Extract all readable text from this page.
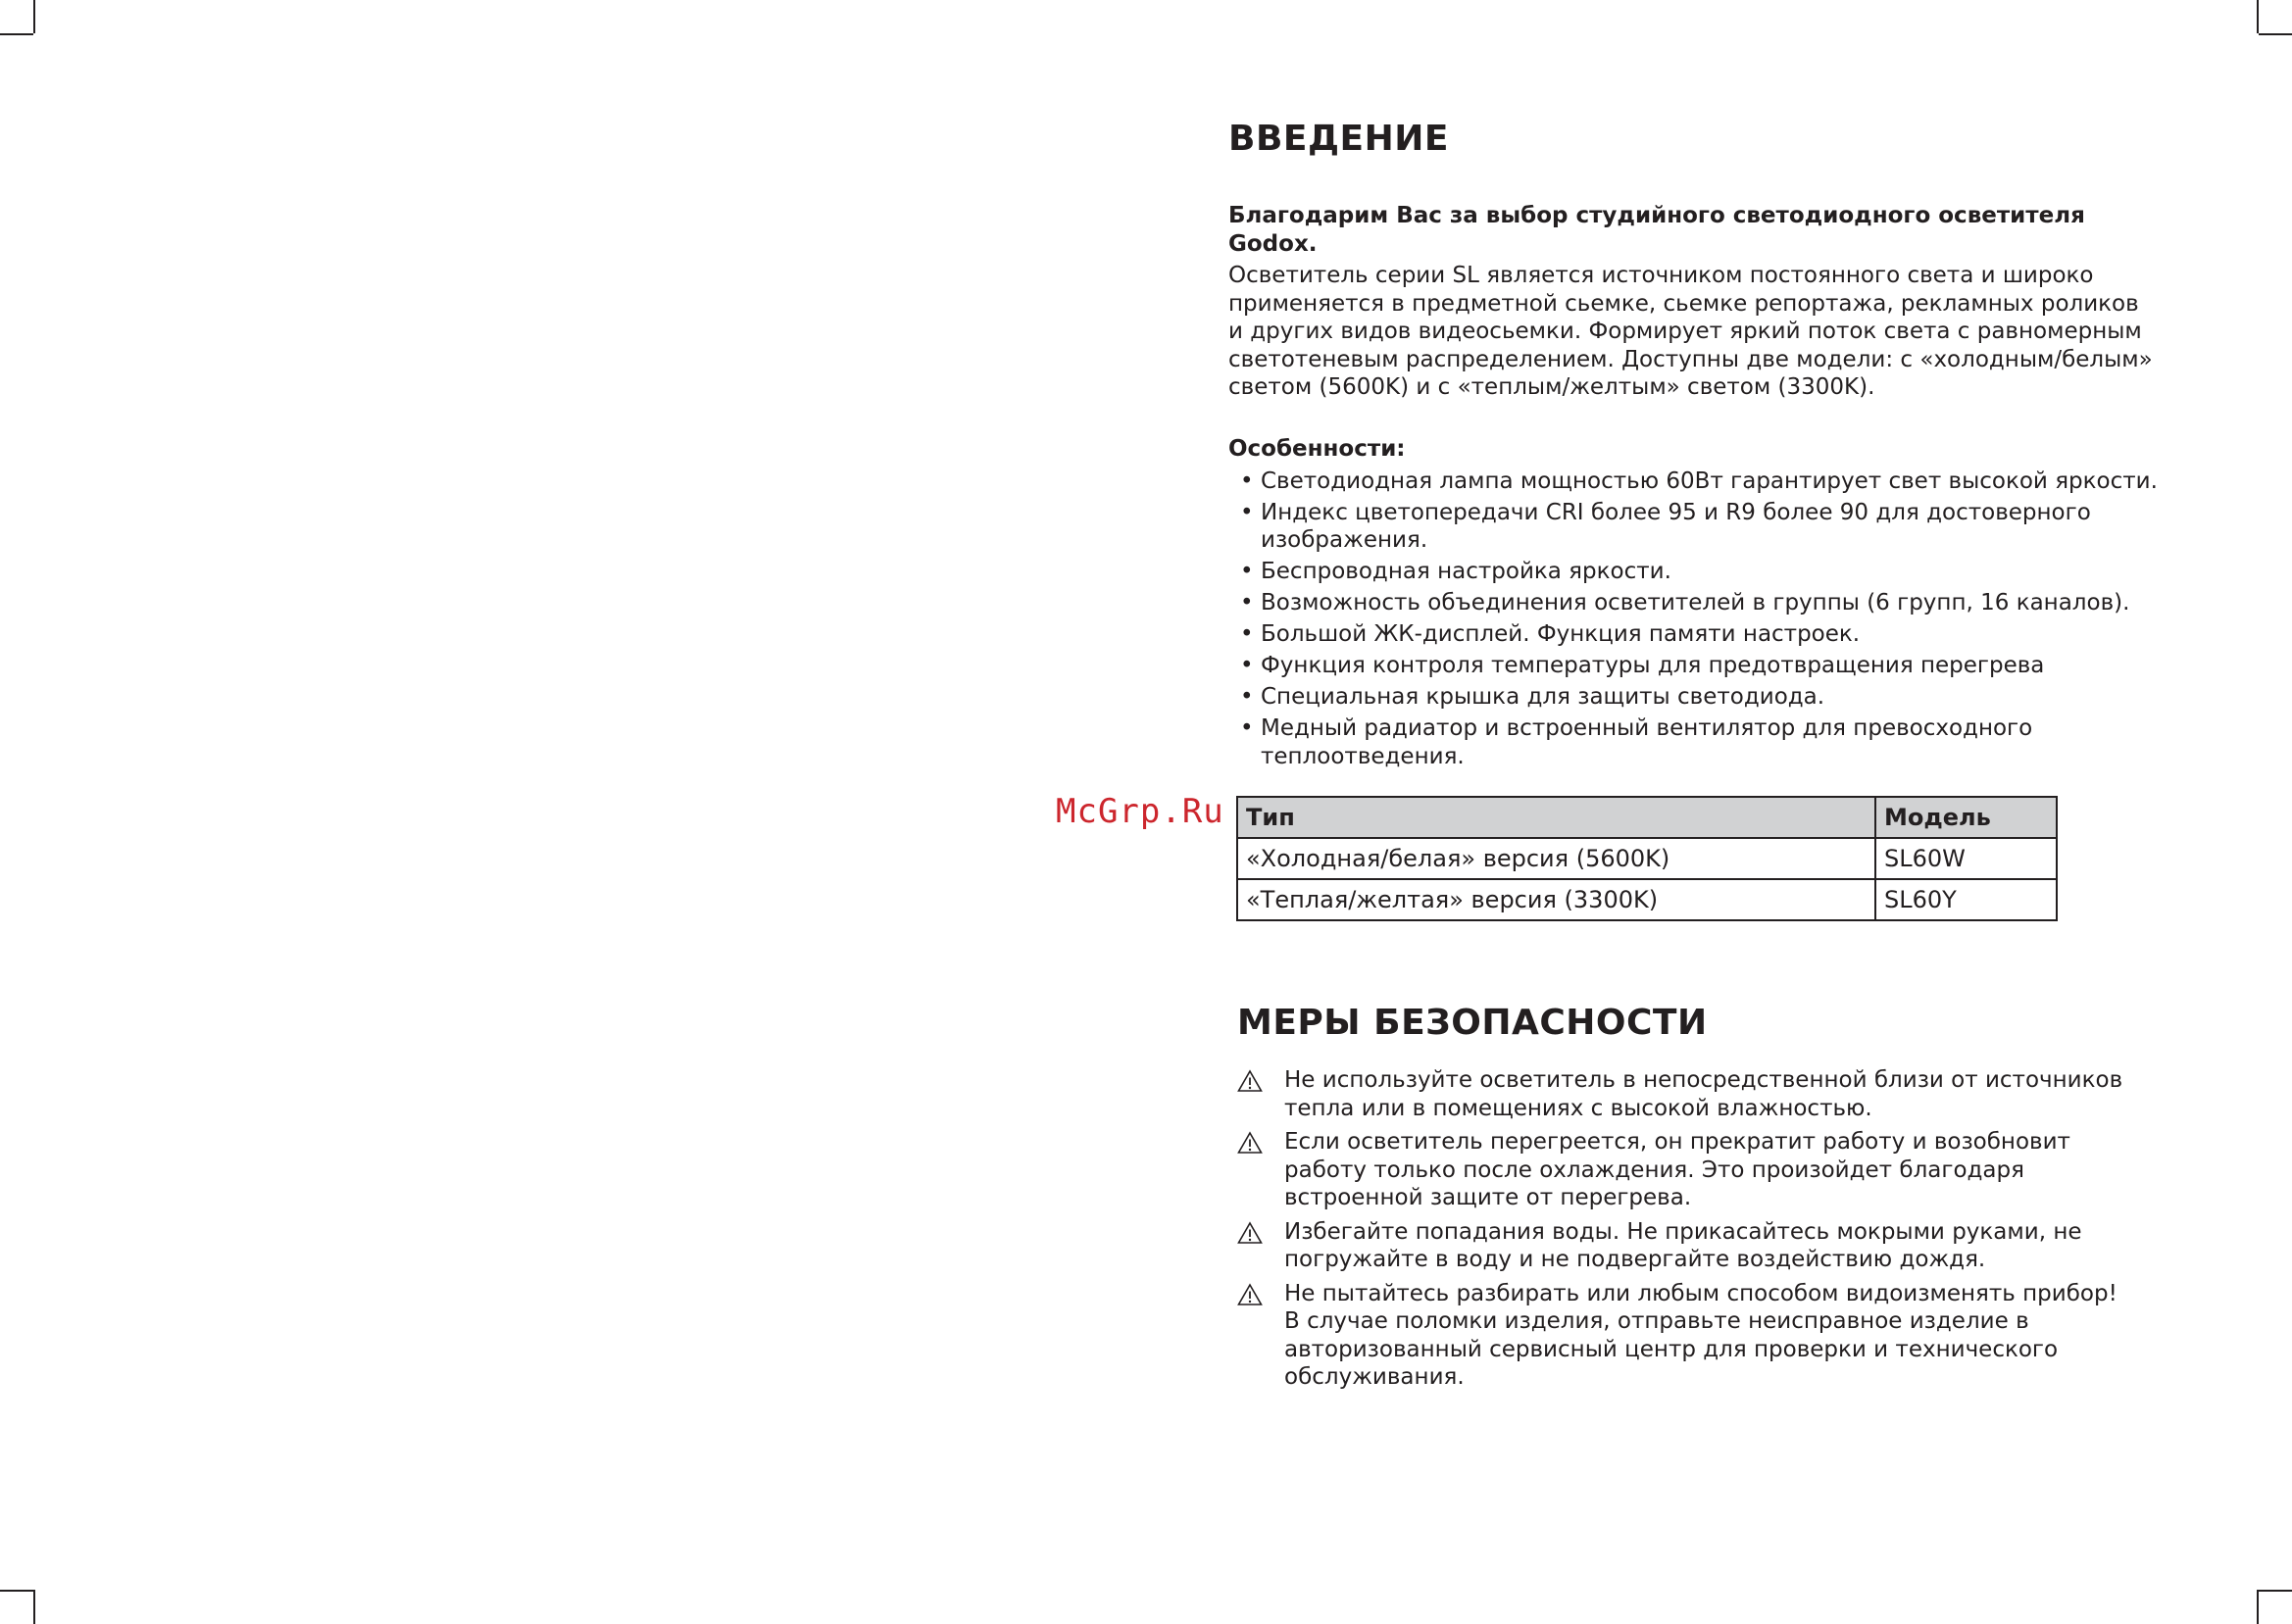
ВВЕДЕНИЕ

Благодарим Вас за выбор студийного светодиодного осветителя Godox.

Осветитель серии SL является источником постоянного света и широко

применяется в предметной сьемке, сьемке репортажа, рекламных роликов

и других видов видеосьемки. Формирует яркий поток света с равномерным

светотеневым распределением. Доступны две модели: с «холодным/белым»

светом (5600K) и с «теплым/желтым» светом (3300K).

Особенности:

• Светодиодная лампа мощностью 60Вт гарантирует свет высокой яркости.
• Индекс цветопередачи CRI более 95 и R9 более 90 для достоверного
изображения.
• Беспроводная настройка яркости.
• Возможность объединения осветителей в группы (6 групп, 16 каналов).
• Большой ЖК-дисплей. Функция памяти настроек.
• Функция контроля температуры для предотвращения перегрева
• Специальная крышка для защиты светодиода.
• Медный радиатор и встроенный вентилятор для превосходного
теплоотведения.
Тип	Модель
«Холодная/белая» версия (5600K)	SL60W
«Теплая/желтая» версия (3300K)	SL60Y
McGrp.Ru
МЕРЫ БЕЗОПАСНОСТИ
Не используйте осветитель в непосредственной близи от источников
тепла или в помещениях с высокой влажностью.
Если осветитель перегреется, он прекратит работу и возобновит
работу только после охлаждения. Это произойдет благодаря
встроенной защите от перегрева.
Избегайте попадания воды. Не прикасайтесь мокрыми руками, не
погружайте в воду и не подвергайте воздействию дождя.
Не пытайтесь разбирать или любым способом видоизменять прибор!
В случае поломки изделия, отправьте неисправное изделие в
авторизованный сервисный центр для проверки и технического
обслуживания.
